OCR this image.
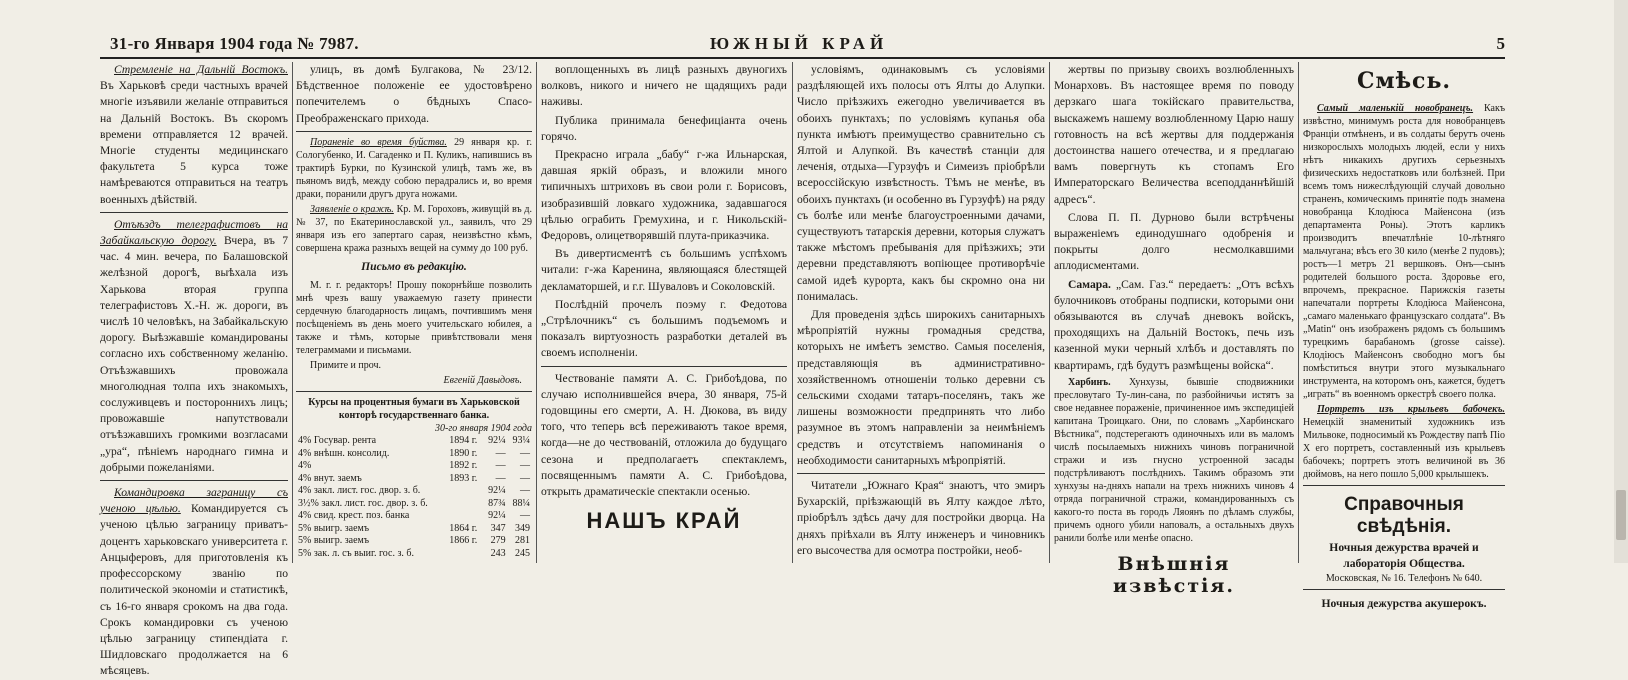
31-го Января 1904 года № 7987.	ЮЖНЫЙ КРАЙ	5

Стремленіе на Дальній Востокъ. Въ Харьковѣ среди частныхъ врачей многіе изъявили желаніе отправиться на Дальній Востокъ. Въ скоромъ времени отправляется 12 врачей. Многіе студенты медицинскаго факультета 5 курса тоже намѣреваются отправиться на театръ военныхъ дѣйствій.

Отъѣздъ телеграфистовъ на Забайкальскую дорогу. Вчера, въ 7 час. 4 мин. вечера, по Балашовской желѣзной дорогѣ, выѣхала изъ Харькова вторая группа телеграфистовъ Х.-Н. ж. дороги, въ числѣ 10 человѣкъ, на Забайкальскую дорогу. Выѣзжавшіе командированы согласно ихъ собственному желанію. Отъѣзжавшихъ провожала многолюдная толпа ихъ знакомыхъ, сослуживцевъ и постороннихъ лицъ; провожавшіе напутствовали отъѣзжавшихъ громкими возгласами „ура“, пѣніемъ народнаго гимна и добрыми пожеланіями.

Командировка заграницу съ ученою цѣлью. Командируется съ ученою цѣлью заграницу приватъ-доцентъ харьковскаго университета г. Анцыферовъ, для приготовленія къ профессорскому званію по политической экономіи и статистикѣ, съ 16-го января срокомъ на два года. Срокъ командировки съ ученою цѣлью заграницу стипендіата г. Шидловскаго продолжается на 6 мѣсяцевъ.

улицъ, въ домѣ Булгакова, № 23/12. Бѣдственное положеніе ее удостовѣрено попечителемъ о бѣдныхъ Спасо-Преображенскаго прихода.

Пораненіе во время буйства. 29 января кр. г. Сологубенко, И. Сагаденко и П. Куликъ, напившись въ трактирѣ Бурки, по Кузинской улицѣ, тамъ же, въ пьяномъ видѣ, между собою перадрались и, во время драки, поранили другъ друга ножами.

Заявленіе о кражѣ. Кр. М. Гороховъ, живущій въ д. № 37, по Екатеринославской ул., заявилъ, что 29 января изъ его запертаго сарая, неизвѣстно кѣмъ, совершена кража разныхъ вещей на сумму до 100 руб.

Письмо въ редакцію.

М. г. г. редакторъ! Прошу покорнѣйше позволить мнѣ чрезъ вашу уважаемую газету принести сердечную благодарность лицамъ, почтившимъ меня посѣщеніемъ въ день моего учительскаго юбилея, а также и тѣмъ, которые привѣтствовали меня телеграммами и письмами.

Примите и проч.

Евгеній Давыдовъ.
Курсы на процентныя бумаги въ Харьковской конторѣ государственнаго банка.
30-го января 1904 года
4% Госувар. рента	1894 г.	92¼	93¼
4% внѣшн. консолид.	1890 г.	—	—
4%	1892 г.	—	—
4% внут. заемъ	1893 г.	—	—
4% закл. лист. гос. двор. з. б.		92¼	—
3½% закл. лист. гос. двор. з. б.		87¾	88¼
4% свид. крест. поз. банка		92¼	—
5% выигр. заемъ	1864 г.	347	349
5% выигр. заемъ	1866 г.	279	281
5% зак. л. съ выиг. гос. з. б.		243	245

воплощенныхъ въ лицѣ разныхъ двуногихъ волковъ, никого и ничего не щадящихъ ради наживы.

Публика принимала бенефиціанта очень горячо.

Прекрасно играла „бабу“ г-жа Ильнарская, давшая яркій образъ, и вложили много типичныхъ штриховъ въ свои роли г. Борисовъ, изобразившій ловкаго художника, задавшагося цѣлью ограбить Гремухина, и г. Никольскій-Федоровъ, олицетворявшій плута-приказчика.

Въ дивертисментѣ съ большимъ успѣхомъ читали: г-жа Каренина, являющаяся блестящей декламаторшей, и г.г. Шуваловъ и Соколовскій.

Послѣдній прочелъ поэму г. Федотова „Стрѣлочникъ“ съ большимъ подъемомъ и показалъ виртуозность разработки деталей въ своемъ исполненіи.

Чествованіе памяти А. С. Грибоѣдова, по случаю исполнившейся вчера, 30 января, 75-й годовщины его смерти, А. Н. Дюкова, въ виду того, что теперь всѣ переживаютъ такое время, когда—не до чествованій, отложила до будущаго сезона и предполагаетъ спектаклемъ, посвященнымъ памяти А. С. Грибоѣдова, открыть драматическіе спектакли осенью.

НАШЪ КРАЙ

условіямъ, одинаковымъ съ условіями раздѣляющей ихъ полосы отъ Ялты до Алупки. Число пріѣзжихъ ежегодно увеличивается въ обоихъ пунктахъ; по условіямъ купанья оба пункта имѣютъ преимущество сравнительно съ Ялтой и Алупкой. Въ качествѣ станціи для леченія, отдыха—Гурзуфъ и Симеизъ пріобрѣли всероссійскую извѣстность. Тѣмъ не менѣе, въ обоихъ пунктахъ (и особенно въ Гурзуфѣ) на ряду съ болѣе или менѣе благоустроенными дачами, существуютъ татарскія деревни, которыя служатъ также мѣстомъ пребыванія для пріѣзжихъ; эти деревни представляютъ вопіющее противорѣчіе самой идеѣ курорта, какъ бы скромно она ни понималась.

Для проведенія здѣсь широкихъ санитарныхъ мѣропріятій нужны громадныя средства, которыхъ не имѣетъ земство. Самыя поселенія, представляющія въ административно-хозяйственномъ отношеніи только деревни съ сельскими сходами татаръ-поселянъ, такъ же лишены возможности предпринять что либо разумное въ этомъ направленіи за неимѣніемъ средствъ и отсутствіемъ напоминанія о необходимости санитарныхъ мѣропріятій.

Читатели „Южнаго Края“ знаютъ, что эмиръ Бухарскій, пріѣзжающій въ Ялту каждое лѣто, пріобрѣлъ здѣсь дачу для постройки дворца. На дняхъ пріѣхали въ Ялту инженеръ и чиновникъ его высочества для осмотра постройки, необ-

жертвы по призыву своихъ возлюбленныхъ Монарховъ. Въ настоящее время по поводу дерзкаго шага токійскаго правительства, выскажемъ нашему возлюбленному Царю нашу готовность на всѣ жертвы для поддержанія достоинства нашего отечества, и я предлагаю вамъ повергнуть къ стопамъ Его Императорскаго Величества всеподданнѣйшій адресъ“.

Слова П. П. Дурново были встрѣчены выраженіемъ единодушнаго одобренія и покрыты долго несмолкавшими аплодисментами.

Самара. „Сам. Газ.“ передаетъ: „Отъ всѣхъ булочниковъ отобраны подписки, которыми они обязываются въ случаѣ дневокъ войскъ, проходящихъ на Дальній Востокъ, печь изъ казенной муки черный хлѣбъ и доставлять по квартирамъ, гдѣ будутъ размѣщены войска“.

Харбинъ. Хунхузы, бывшіе сподвижники пресловутаго Ту-лин-сана, по разбойничьи истятъ за свое недавнее пораженіе, причиненное имъ экспедиціей капитана Троицкаго. Они, по словамъ „Харбинскаго Вѣстника“, подстерегаютъ одиночныхъ или въ маломъ числѣ посылаемыхъ нижнихъ чиновъ пограничной стражи и изъ гнусно устроенной засады подстрѣливаютъ послѣднихъ. Такимъ образомъ эти хунхузы на-дняхъ напали на трехъ нижнихъ чиновъ 4 отряда пограничной стражи, командированныхъ съ какого-то поста въ городъ Ляоянъ по дѣламъ службы, причемъ одного убили наповалъ, а остальныхъ двухъ ранили болѣе или менѣе опасно.

Внѣшнія извѣстія.
Смѣсь.

Самый маленькій новобранецъ. Какъ извѣстно, минимумъ роста для новобранцевъ Франціи отмѣненъ, и въ солдаты берутъ очень низкорослыхъ молодыхъ людей, если у нихъ нѣтъ никакихъ другихъ серьезныхъ физическихъ недостатковъ или болѣзней. При всемъ томъ нижеслѣдующій случай довольно страненъ, комическимъ принятіе подъ знамена новобранца Клодіюса Майенсона (изъ департамента Роны). Этотъ карликъ производитъ впечатлѣніе 10-лѣтняго мальчугана; вѣсъ его 30 кило (менѣе 2 пудовъ); ростъ—1 метръ 21 вершковъ. Онъ—сынъ родителей большого роста. Здоровье его, впрочемъ, прекрасное. Парижскія газеты напечатали портреты Клодіюса Майенсона, „самаго маленькаго французскаго солдата“. Въ „Matin“ онъ изображенъ рядомъ съ большимъ турецкимъ барабаномъ (grosse caisse). Клодіюсъ Майенсонъ свободно могъ бы помѣститься внутри этого музыкальнаго инструмента, на которомъ онъ, кажется, будетъ „играть“ въ военномъ оркестрѣ своего полка.

Портретъ изъ крыльевъ бабочекъ. Немецкій знаменитый художникъ изъ Мильвоке, подносимый къ Рождеству папѣ Піо X его портретъ, составленный изъ крыльевъ бабочекъ; портретъ этотъ величиной въ 36 дюймовъ, на него пошло 5,000 крылышекъ.

Справочныя свѣдѣнія.
Ночныя дежурства врачей и лабораторія Общества.
Московская, № 16. Телефонъ № 640.
Ночныя дежурства акушерокъ.
